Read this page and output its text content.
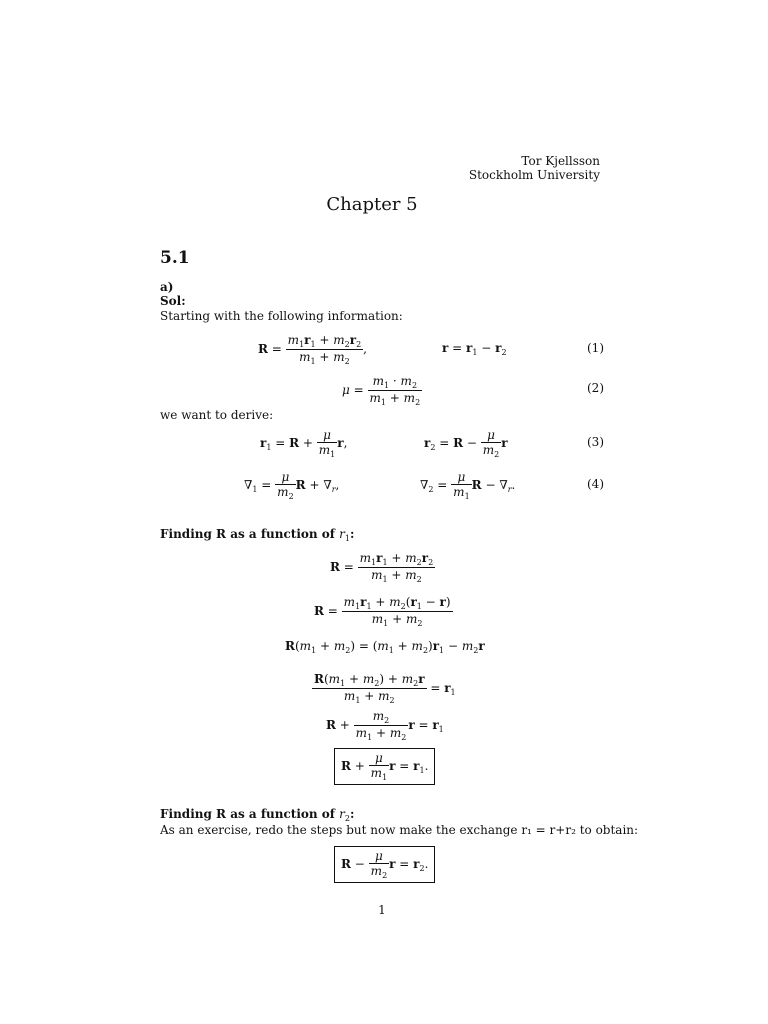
Tor Kjellsson
Stockholm University
Chapter 5
5.1
a)
Sol:
Starting with the following information:
$R = \frac{m_1r_1 + m_2r_2}{m_1 + m_2}$ ,	$r = r_1 - r_2$	(1)
$\mu = \frac{m_1 \cdot m_2}{m_1 + m_2}$	(2)
we want to derive:
$r_1 = R + \frac{\mu}{m_1} r$,	$r_2 = R - \frac{\mu}{m_2}$ r	(3)
$\nabla_1 = \frac{\mu}{m_2}$ $R + \nabla_r$,	$\nabla_2 = \frac{\mu}{m_1}$ $R - \nabla_r$.	(4)
Finding R as a function of $r_1$:
$R = \frac{m_1r_1 + m_2r_2}{m_1 + m_2}$
$R = \frac{m_1r_1 + m_2(r_1 - r)}{m_1 + m_2}$
$R(m_1 + m_2) = (m_1 + m_2)r_1 - m_2r$
$\frac{R(m_1 + m_2) + m_2r}{m_1 + m_2} = r_1$
$R + \frac{m_2}{m_1 + m_2}$ $r = r_1$
$R + \frac{\mu}{m_1}$ $r = r_1$.
Finding R as a function of $r_2$:
As an exercise, redo the steps but now make the exchange r₁ = r+r₂ to obtain:
$R - \frac{\mu}{m_2}$ $r = r_2$.
1
